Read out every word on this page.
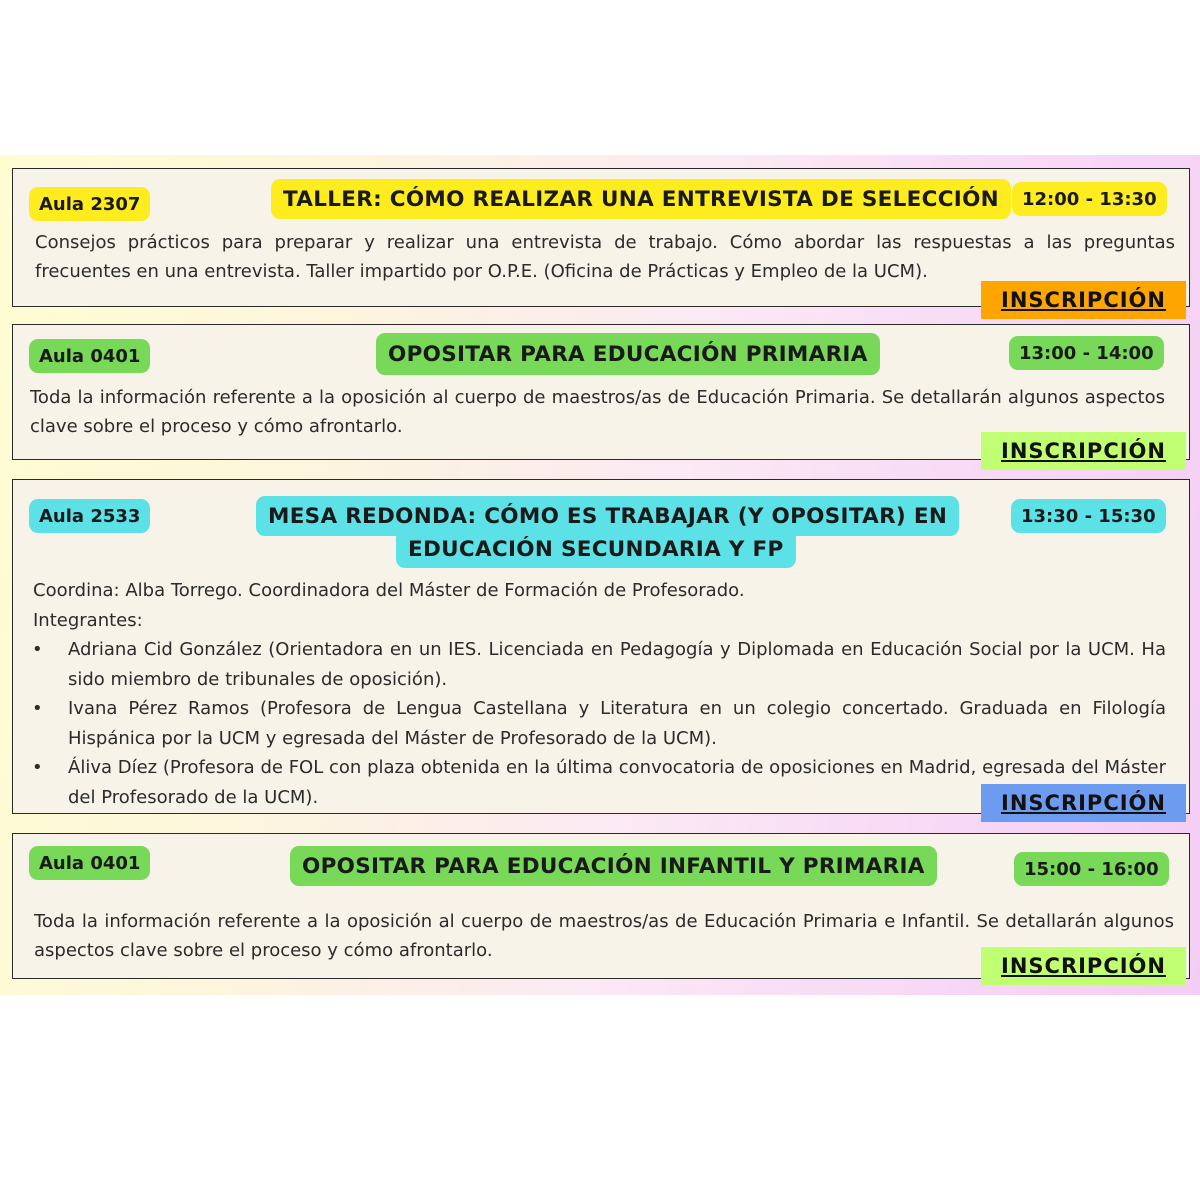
Aula 2307	TALLER: CÓMO REALIZAR UNA ENTREVISTA DE SELECCIÓN	12:00 - 13:30

Consejos prácticos para preparar y realizar una entrevista de trabajo. Cómo abordar las respuestas a las preguntas frecuentes en una entrevista. Taller impartido por O.P.E. (Oficina de Prácticas y Empleo de la UCM).

INSCRIPCIÓN
Aula 0401	OPOSITAR PARA EDUCACIÓN PRIMARIA	13:00 - 14:00

Toda la información referente a la oposición al cuerpo de maestros/as de Educación Primaria. Se detallarán algunos aspectos clave sobre el proceso y cómo afrontarlo.

INSCRIPCIÓN
Aula 2533	MESA REDONDA: CÓMO ES TRABAJAR (Y OPOSITAR) EN
EDUCACIÓN SECUNDARIA Y FP
13:30 - 15:30

Coordina: Alba Torrego. Coordinadora del Máster de Formación de Profesorado.

Integrantes:

• Adriana Cid González (Orientadora en un IES. Licenciada en Pedagogía y Diplomada en Educación Social por la UCM. Ha sido miembro de tribunales de oposición).
• Ivana Pérez Ramos (Profesora de Lengua Castellana y Literatura en un colegio concertado. Graduada en Filología Hispánica por la UCM y egresada del Máster de Profesorado de la UCM).
• Áliva Díez (Profesora de FOL con plaza obtenida en la última convocatoria de oposiciones en Madrid, egresada del Máster del Profesorado de la UCM).	INSCRIPCIÓN
Aula 0401	OPOSITAR PARA EDUCACIÓN INFANTIL Y PRIMARIA	15:00 - 16:00

Toda la información referente a la oposición al cuerpo de maestros/as de Educación Primaria e Infantil. Se detallarán algunos aspectos clave sobre el proceso y cómo afrontarlo.

INSCRIPCIÓN
